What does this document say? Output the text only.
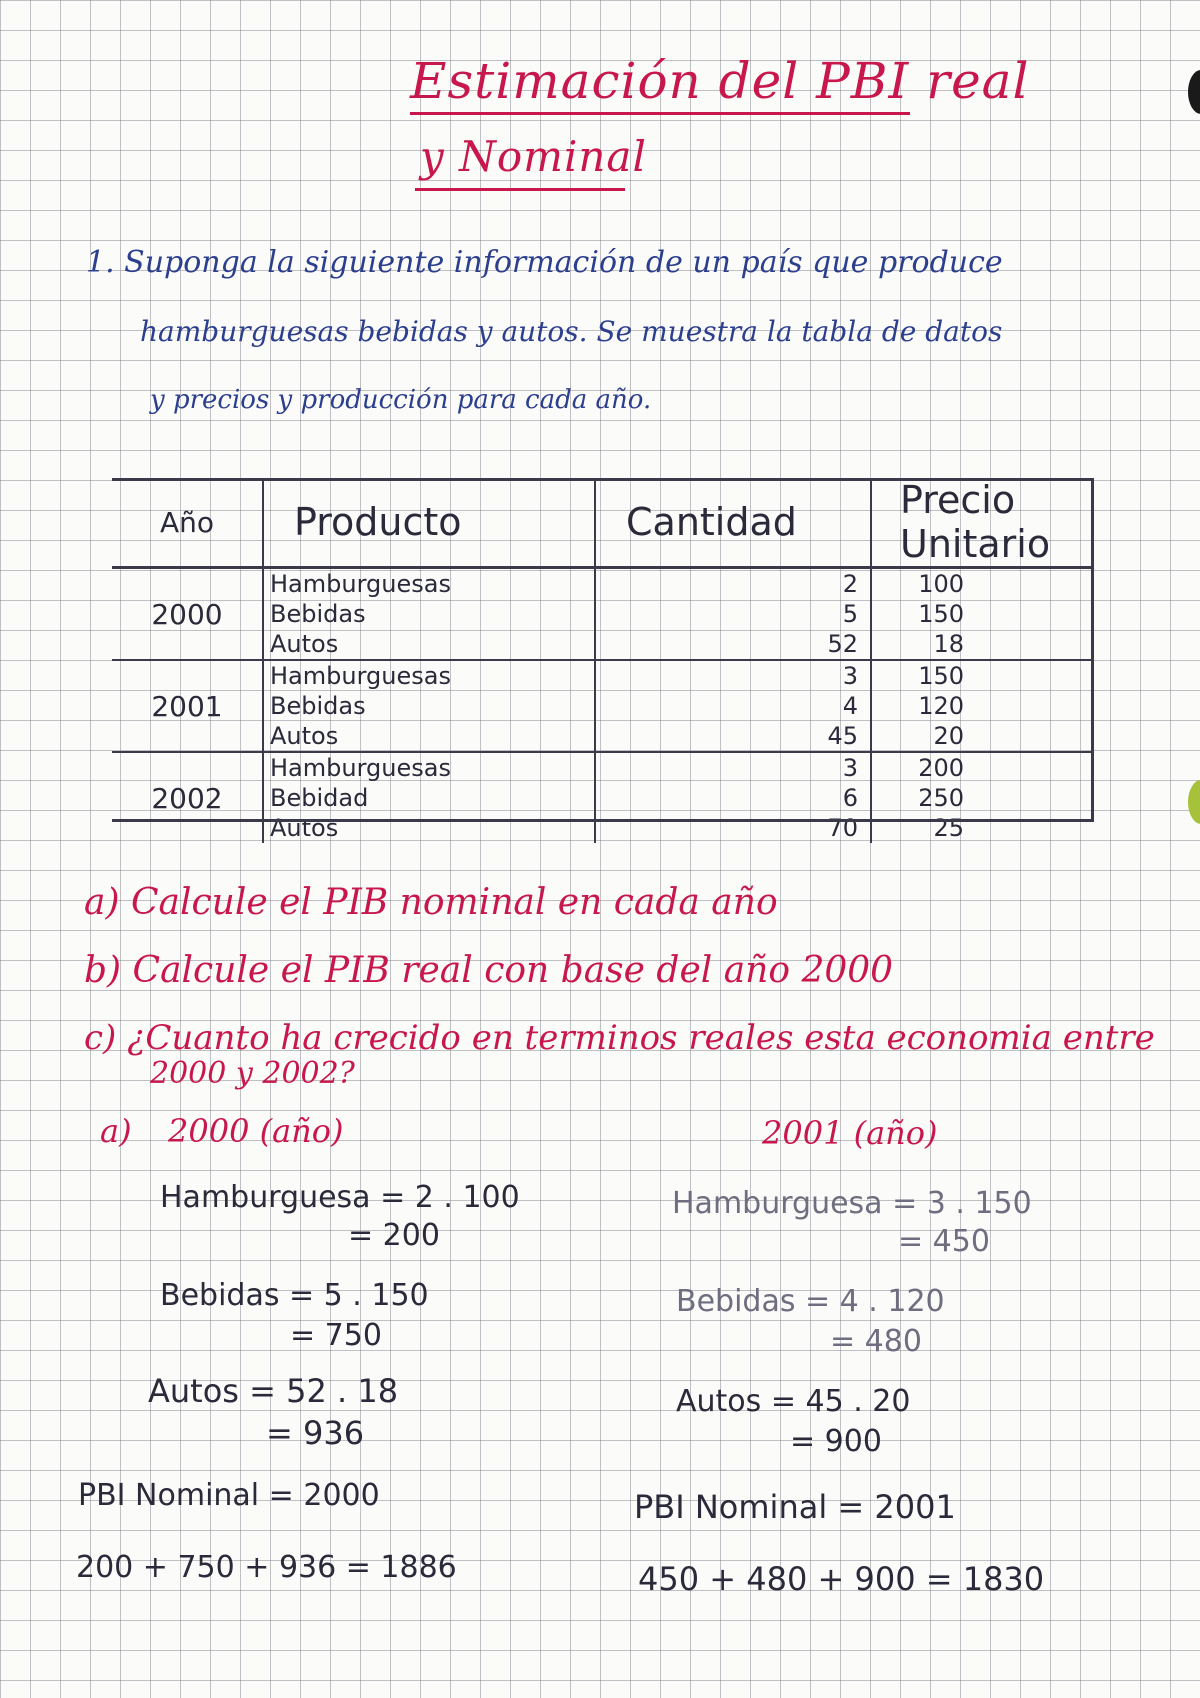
Estimación del PBI real
y Nominal
1. Suponga la siguiente información de un país que produce
hamburguesas bebidas y autos. Se muestra la tabla de datos
y precios y producción para cada año.
Año	Producto	Cantidad	Precio Unitario
2000	Hamburguesas	2	100
	Bebidas	5	150
	Autos	52	18
2001	Hamburguesas	3	150
	Bebidas	4	120
	Autos	45	20
2002	Hamburguesas	3	200
	Bebidad	6	250
	Autos	70	25
a) Calcule el PIB nominal en cada año
b) Calcule el PIB real con base del año 2000
c) ¿Cuanto ha crecido en terminos reales esta economia entre
2000 y 2002?
a) 2000 (año)
Hamburguesa = 2 . 100
= 200
Bebidas = 5 . 150
= 750
Autos = 52 . 18
= 936
PBI Nominal = 2000
200 + 750 + 936 = 1886
2001 (año)
Hamburguesa = 3 . 150
= 450
Bebidas = 4 . 120
= 480
Autos = 45 . 20
= 900
PBI Nominal = 2001
450 + 480 + 900 = 1830
